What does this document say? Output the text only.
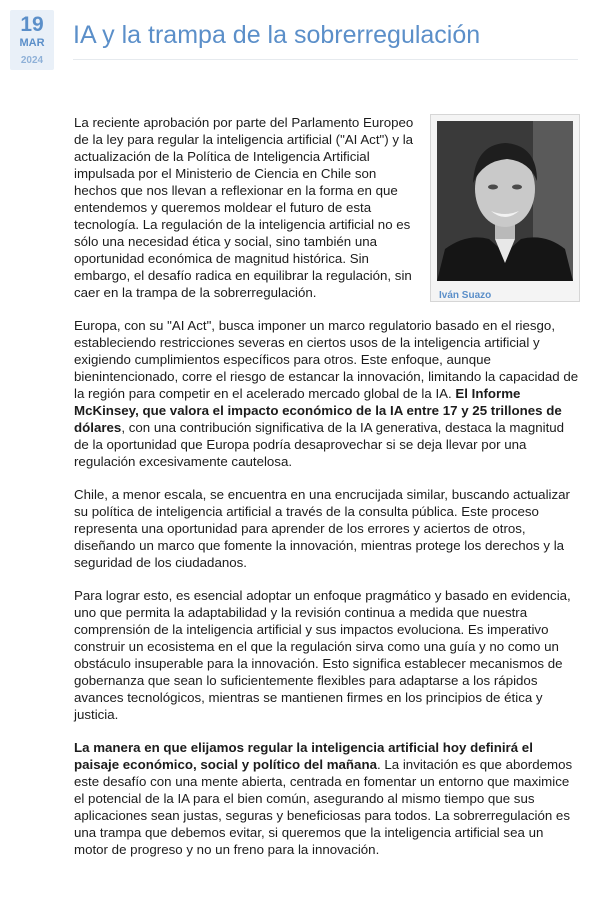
19
MAR
2024
IA y la trampa de la sobrerregulación
Iván Suazo

La reciente aprobación por parte del Parlamento Europeo de la ley para regular la inteligencia artificial ("AI Act") y la actualización de la Política de Inteligencia Artificial impulsada por el Ministerio de Ciencia en Chile son hechos que nos llevan a reflexionar en la forma en que entendemos y queremos moldear el futuro de esta tecnología. La regulación de la inteligencia artificial no es sólo una necesidad ética y social, sino también una oportunidad económica de magnitud histórica. Sin embargo, el desafío radica en equilibrar la regulación, sin caer en la trampa de la sobrerregulación.

Europa, con su "AI Act", busca imponer un marco regulatorio basado en el riesgo, estableciendo restricciones severas en ciertos usos de la inteligencia artificial y exigiendo cumplimientos específicos para otros. Este enfoque, aunque bienintencionado, corre el riesgo de estancar la innovación, limitando la capacidad de la región para competir en el acelerado mercado global de la IA. El Informe McKinsey, que valora el impacto económico de la IA entre 17 y 25 trillones de dólares, con una contribución significativa de la IA generativa, destaca la magnitud de la oportunidad que Europa podría desaprovechar si se deja llevar por una regulación excesivamente cautelosa.

Chile, a menor escala, se encuentra en una encrucijada similar, buscando actualizar su política de inteligencia artificial a través de la consulta pública. Este proceso representa una oportunidad para aprender de los errores y aciertos de otros, diseñando un marco que fomente la innovación, mientras protege los derechos y la seguridad de los ciudadanos.

Para lograr esto, es esencial adoptar un enfoque pragmático y basado en evidencia, uno que permita la adaptabilidad y la revisión continua a medida que nuestra comprensión de la inteligencia artificial y sus impactos evoluciona. Es imperativo construir un ecosistema en el que la regulación sirva como una guía y no como un obstáculo insuperable para la innovación. Esto significa establecer mecanismos de gobernanza que sean lo suficientemente flexibles para adaptarse a los rápidos avances tecnológicos, mientras se mantienen firmes en los principios de ética y justicia.

La manera en que elijamos regular la inteligencia artificial hoy definirá el paisaje económico, social y político del mañana. La invitación es que abordemos este desafío con una mente abierta, centrada en fomentar un entorno que maximice el potencial de la IA para el bien común, asegurando al mismo tiempo que sus aplicaciones sean justas, seguras y beneficiosas para todos. La sobrerregulación es una trampa que debemos evitar, si queremos que la inteligencia artificial sea un motor de progreso y no un freno para la innovación.
